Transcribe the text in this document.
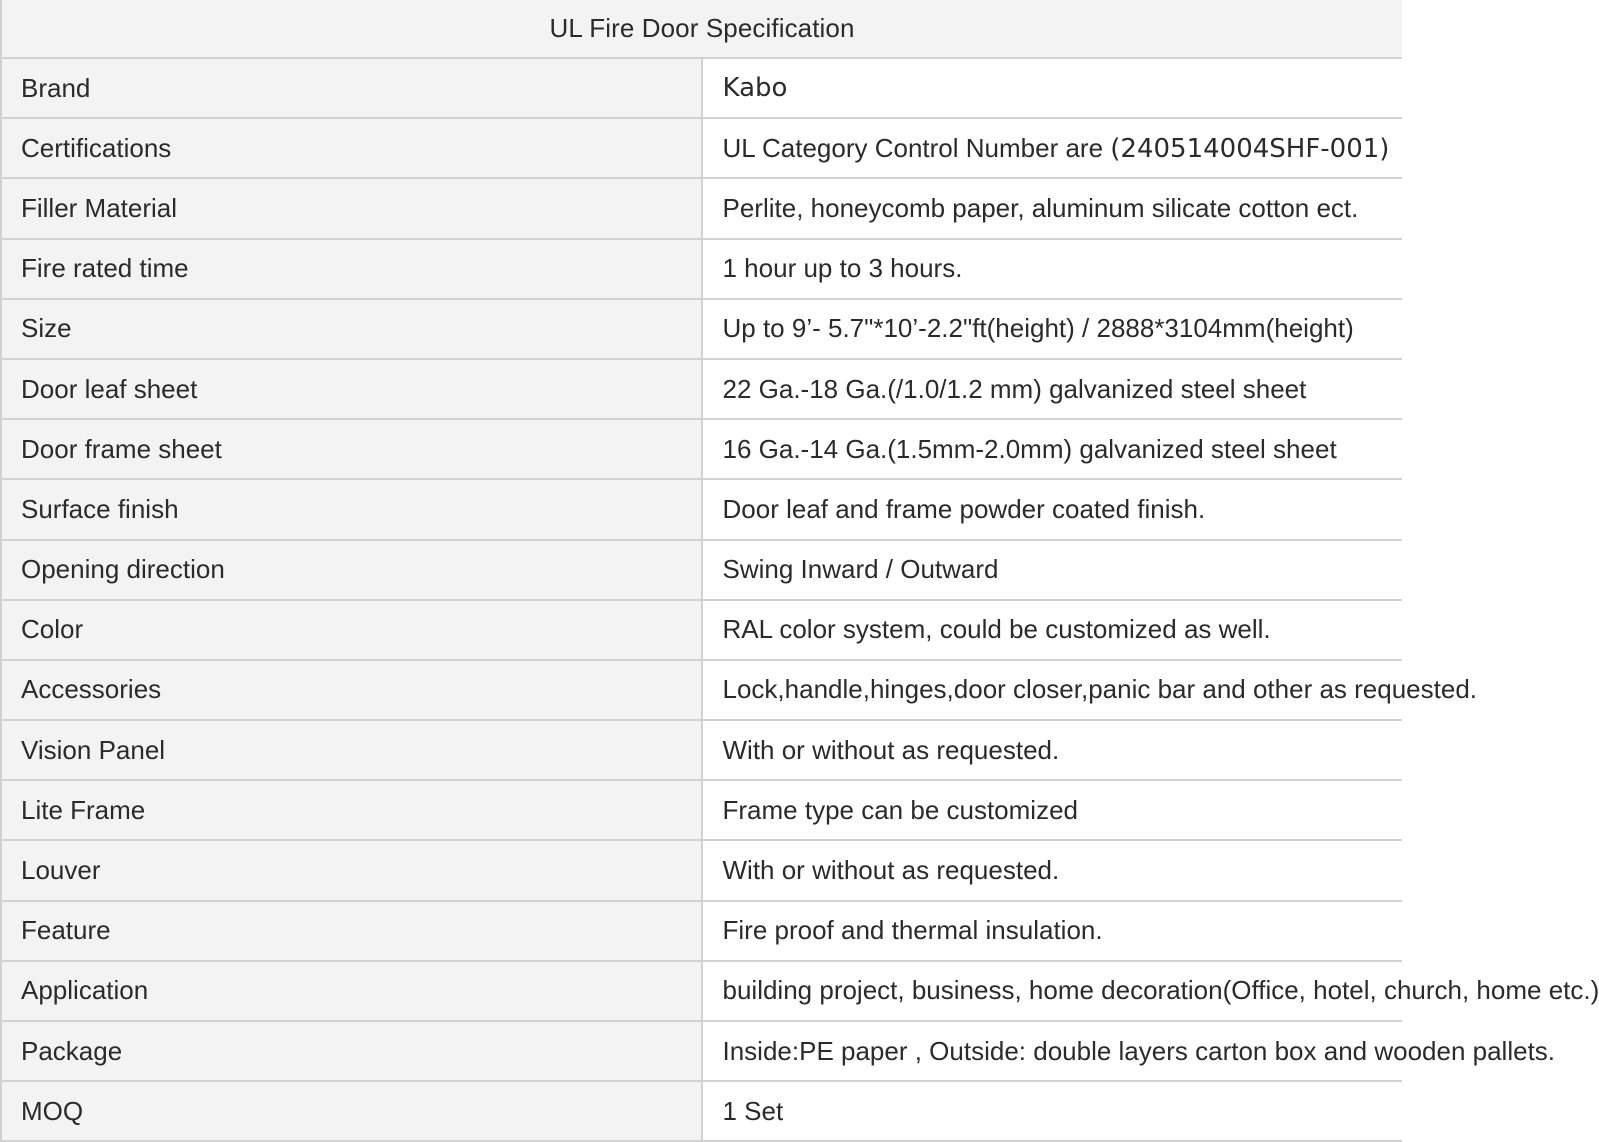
UL Fire Door Specification	
Brand	Kabo
Certifications	UL Category Control Number are (240514004SHF-001)
Filler Material	Perlite, honeycomb paper, aluminum silicate cotton ect.
Fire rated time	1 hour up to 3 hours.
Size	Up to 9’- 5.7"*10’-2.2"ft(height) / 2888*3104mm(height)
Door leaf sheet	22 Ga.-18 Ga.(/1.0/1.2 mm) galvanized steel sheet
Door frame sheet	16 Ga.-14 Ga.(1.5mm-2.0mm) galvanized steel sheet
Surface finish	Door leaf and frame powder coated finish.
Opening direction	Swing Inward / Outward
Color	RAL color system, could be customized as well.
Accessories	Lock,handle,hinges,door closer,panic bar and other as requested.
Vision Panel	With or without as requested.
Lite Frame	Frame type can be customized
Louver	With or without as requested.
Feature	Fire proof and thermal insulation.
Application	building project, business, home decoration(Office, hotel, church, home etc.)
Package	Inside:PE paper , Outside: double layers carton box and wooden pallets.
MOQ	1 Set
